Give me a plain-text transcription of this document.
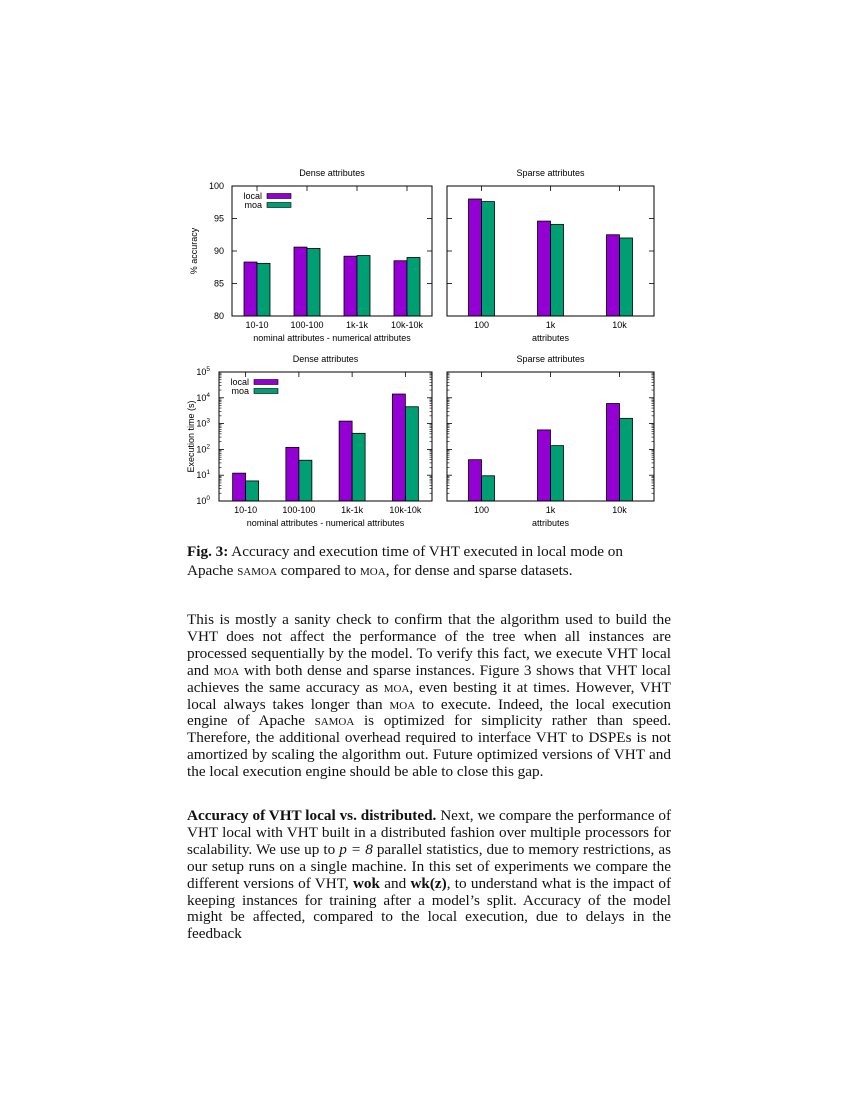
80
85
90
95
100
10-10 100-100 1k-1k	10k-10k
Dense attributes
nominal attributes - numerical attributes
% accuracy
local
moa
100	1k	10k
Sparse attributes
attributes
$10^0$
$10^1$
$10^2$
$10^3$
$10^4$
$10^5$
10-10	100-100	1k-1k	10k-10k
Dense attributes
nominal attributes - numerical attributes
Execution time (s)
local
moa
100	1k	10k
Sparse attributes
attributes
Fig. 3: Accuracy and execution time of VHT executed in local mode on Apache samoa compared to moa, for dense and sparse datasets.
This is mostly a sanity check to confirm that the algorithm used to build the VHT does not affect the performance of the tree when all instances are processed sequentially by the model. To verify this fact, we execute VHT local and moa with both dense and sparse instances. Figure 3 shows that VHT local achieves the same accuracy as moa, even besting it at times. However, VHT local always takes longer than moa to execute. Indeed, the local execution engine of Apache samoa is optimized for simplicity rather than speed. Therefore, the additional overhead required to interface VHT to DSPEs is not amortized by scaling the algorithm out. Future optimized versions of VHT and the local execution engine should be able to close this gap.
Accuracy of VHT local vs. distributed. Next, we compare the performance of VHT local with VHT built in a distributed fashion over multiple processors for scalability. We use up to p = 8 parallel statistics, due to memory restrictions, as our setup runs on a single machine. In this set of experiments we compare the different versions of VHT, wok and wk(z), to understand what is the impact of keeping instances for training after a model’s split. Accuracy of the model might be affected, compared to the local execution, due to delays in the feedback
